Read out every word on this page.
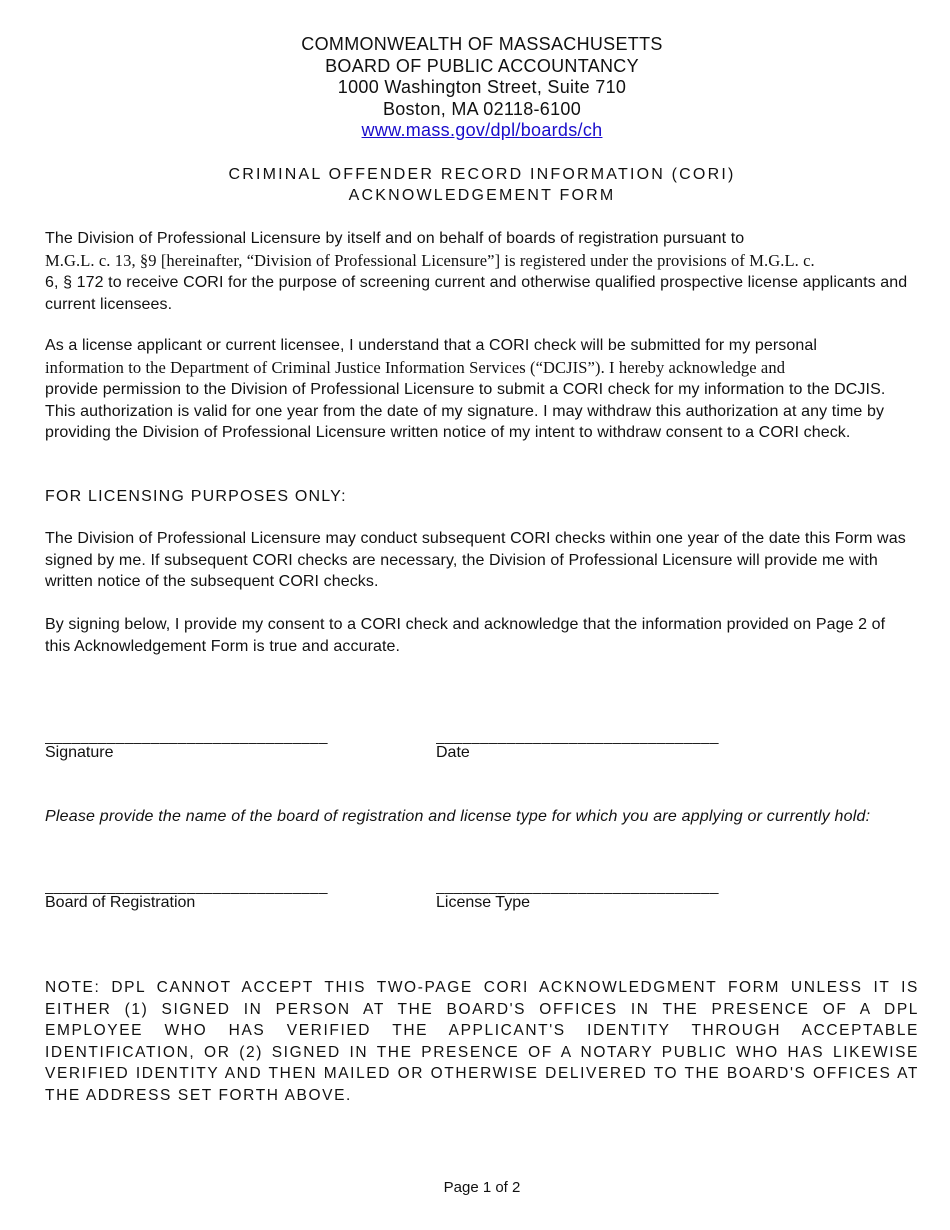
COMMONWEALTH OF MASSACHUSETTS
BOARD OF PUBLIC ACCOUNTANCY
1000 Washington Street, Suite 710
Boston, MA 02118-6100
www.mass.gov/dpl/boards/ch
CRIMINAL OFFENDER RECORD INFORMATION (CORI)
ACKNOWLEDGEMENT FORM
The Division of Professional Licensure by itself and on behalf of boards of registration pursuant to
M.G.L. c. 13, §9 [hereinafter, “Division of Professional Licensure”] is registered under the provisions of M.G.L. c.
6, § 172 to receive CORI for the purpose of screening current and otherwise qualified prospective license applicants and current licensees.
As a license applicant or current licensee, I understand that a CORI check will be submitted for my personal
information to the Department of Criminal Justice Information Services (“DCJIS”). I hereby acknowledge and
provide permission to the Division of Professional Licensure to submit a CORI check for my information to the DCJIS. This authorization is valid for one year from the date of my signature. I may withdraw this authorization at any time by providing the Division of Professional Licensure written notice of my intent to withdraw consent to a CORI check.
FOR LICENSING PURPOSES ONLY:
The Division of Professional Licensure may conduct subsequent CORI checks within one year of the date this Form was signed by me. If subsequent CORI checks are necessary, the Division of Professional Licensure will provide me with written notice of the subsequent CORI checks.
By signing below, I provide my consent to a CORI check and acknowledge that the information provided on Page 2 of this Acknowledgement Form is true and accurate.
________________________________
Signature
________________________________
Date
Please provide the name of the board of registration and license type for which you are applying or currently hold:
________________________________
Board of Registration
________________________________
License Type
NOTE: DPL CANNOT ACCEPT THIS TWO-PAGE CORI ACKNOWLEDGMENT FORM UNLESS IT IS EITHER (1) SIGNED IN PERSON AT THE BOARD'S OFFICES IN THE PRESENCE OF A DPL EMPLOYEE WHO HAS VERIFIED THE APPLICANT'S IDENTITY THROUGH ACCEPTABLE IDENTIFICATION, OR (2) SIGNED IN THE PRESENCE OF A NOTARY PUBLIC WHO HAS LIKEWISE VERIFIED IDENTITY AND THEN MAILED OR OTHERWISE DELIVERED TO THE BOARD'S OFFICES AT THE ADDRESS SET FORTH ABOVE.
Page 1 of 2
